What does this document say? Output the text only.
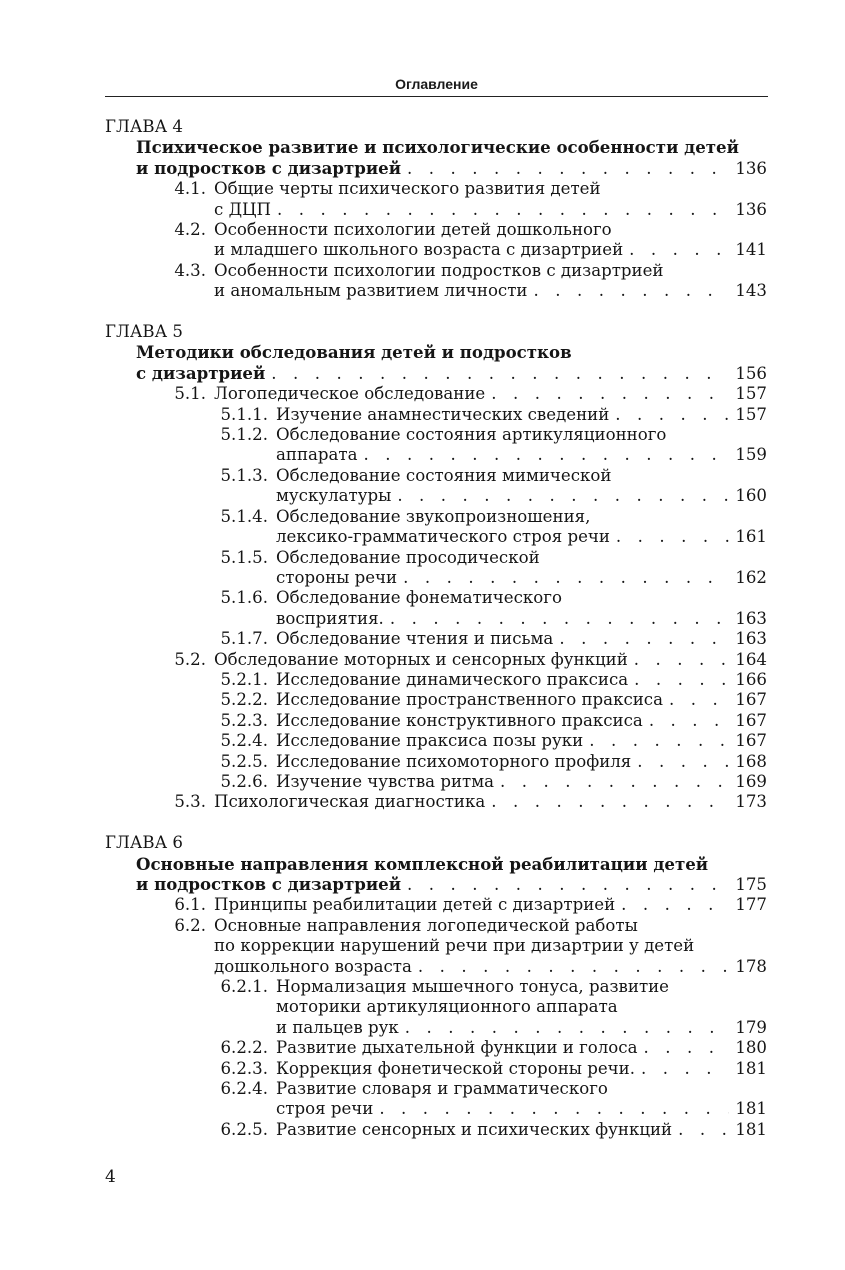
Оглавление
ГЛАВА 4
Психическое развитие и психологические особенности детей
и подростков с дизартрией . . .	136
4.1. Общие черты психического развития детей
с ДЦП . . .	136
4.2. Особенности психологии детей дошкольного
и младшего школьного возраста с дизартрией . . .	141
4.3. Особенности психологии подростков с дизартрией
и аномальным развитием личности . . .	143
ГЛАВА 5
Методики обследования детей и подростков
с дизартрией . . .	156
5.1. Логопедическое обследование . . .	157
5.1.1. Изучение анамнестических сведений . . .	157
5.1.2. Обследование состояния артикуляционного
аппарата . . .	159
5.1.3. Обследование состояния мимической
мускулатуры . . .	160
5.1.4. Обследование звукопроизношения,
лексико-грамматического строя речи . . .	161
5.1.5. Обследование просодической
стороны речи . . .	162
5.1.6. Обследование фонематического
восприятия. . . .	163
5.1.7. Обследование чтения и письма . . .	163
5.2. Обследование моторных и сенсорных функций . . .	164
5.2.1. Исследование динамического праксиса . . .	166
5.2.2. Исследование пространственного праксиса . . .	167
5.2.3. Исследование конструктивного праксиса . . .	167
5.2.4. Исследование праксиса позы руки . . .	167
5.2.5. Исследование психомоторного профиля . . .	168
5.2.6. Изучение чувства ритма . . .	169
5.3. Психологическая диагностика . . .	173
ГЛАВА 6
Основные направления комплексной реабилитации детей
и подростков с дизартрией . . .	175
6.1. Принципы реабилитации детей с дизартрией . . .	177
6.2. Основные направления логопедической работы
по коррекции нарушений речи при дизартрии у детей
дошкольного возраста . . .	178
6.2.1. Нормализация мышечного тонуса, развитие
моторики артикуляционного аппарата
и пальцев рук . . .	179
6.2.2. Развитие дыхательной функции и голоса . . .	180
6.2.3. Коррекция фонетической стороны речи. . . .	181
6.2.4. Развитие словаря и грамматического
строя речи . . .	181
6.2.5. Развитие сенсорных и психических функций . . .	181
4
